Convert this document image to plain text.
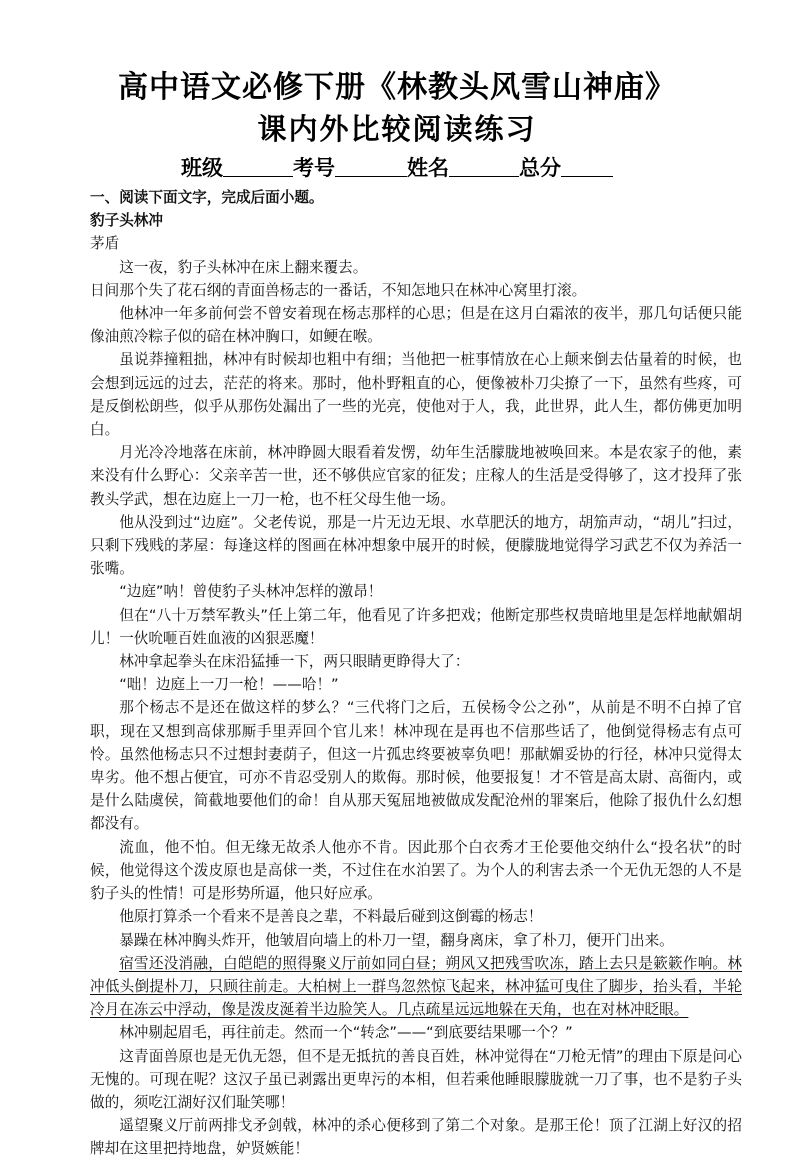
高中语文必修下册《林教头风雪山神庙》
课内外比较阅读练习
班级	考号	姓名	总分

一、阅读下面文字，完成后面小题。

豹子头林冲

茅盾

这一夜，豹子头林冲在床上翻来覆去。

日间那个失了花石纲的青面兽杨志的一番话，不知怎地只在林冲心窝里打滚。

他林冲一年多前何尝不曾安着现在杨志那样的心思；但是在这月白霜浓的夜半，那几句话便只能像油煎冷粽子似的碚在林冲胸口，如鲠在喉。

虽说莽撞粗拙，林冲有时候却也粗中有细；当他把一桩事情放在心上颠来倒去估量着的时候，也会想到远远的过去，茫茫的将来。那时，他朴野粗直的心，便像被朴刀尖撩了一下，虽然有些疼，可是反倒松朗些，似乎从那伤处漏出了一些的光亮，使他对于人，我，此世界，此人生，都仿佛更加明白。

月光冷冷地落在床前，林冲睁圆大眼看着发愣，幼年生活朦胧地被唤回来。本是农家子的他，素来没有什么野心：父亲辛苦一世，还不够供应官家的征发；庄稼人的生活是受得够了，这才投拜了张教头学武，想在边庭上一刀一枪，也不枉父母生他一场。

他从没到过“边庭”。父老传说，那是一片无边无垠、水草肥沃的地方，胡笳声动，“胡儿”扫过，只剩下残贱的茅屋：每逢这样的图画在林冲想象中展开的时候，便朦胧地觉得学习武艺不仅为养活一张嘴。

“边庭”呐！曾使豹子头林冲怎样的激昂！

但在“八十万禁军教头”任上第二年，他看见了许多把戏；他断定那些权贵暗地里是怎样地献媚胡儿！一伙吮咂百姓血液的凶狠恶魔！

林冲拿起拳头在床沿猛捶一下，两只眼睛更睁得大了：

“咄！边庭上一刀一枪！——哈！”

那个杨志不是还在做这样的梦么？“三代将门之后，五侯杨令公之孙”，从前是不明不白掉了官职，现在又想到高俅那厮手里弄回个官儿来！林冲现在是再也不信那些话了，他倒觉得杨志有点可怜。虽然他杨志只不过想封妻荫子，但这一片孤忠终要被辜负吧！那献媚妥协的行径，林冲只觉得太卑劣。他不想占便宜，可亦不肯忍受别人的欺侮。那时候，他要报复！才不管是高太尉、高衙内，或是什么陆虞侯，简截地要他们的命！自从那天冤屈地被做成发配沧州的罪案后，他除了报仇什么幻想都没有。

流血，他不怕。但无缘无故杀人他亦不肯。因此那个白衣秀才王伦要他交纳什么“投名状”的时候，他觉得这个泼皮原也是高俅一类，不过住在水泊罢了。为个人的利害去杀一个无仇无怨的人不是豹子头的性情！可是形势所逼，他只好应承。

他原打算杀一个看来不是善良之辈，不料最后碰到这倒霉的杨志！

暴躁在林冲胸头炸开，他皱眉向墙上的朴刀一望，翻身离床，拿了朴刀，便开门出来。

宿雪还没消融，白皑皑的照得聚义厅前如同白昼；朔风又把残雪吹冻，踏上去只是簌簌作响。林冲低头倒提朴刀，只顾往前走。大柏树上一群鸟忽然惊飞起来，林冲猛可曳住了脚步，抬头看，半轮冷月在冻云中浮动，像是泼皮涎着半边脸笑人。几点疏星远远地躲在天角，也在对林冲眨眼。

林冲剔起眉毛，再往前走。然而一个“转念”——“到底要结果哪一个？”

这青面兽原也是无仇无怨，但不是无抵抗的善良百姓，林冲觉得在“刀枪无情”的理由下原是问心无愧的。可现在呢？这汉子虽已剥露出更卑污的本相，但若乘他睡眼朦胧就一刀了事，也不是豹子头做的，须吃江湖好汉们耻笑哪！

遥望聚义厅前两排戈矛剑戟，林冲的杀心便移到了第二个对象。是那王伦！顶了江湖上好汉的招牌却在这里把持地盘，妒贤嫉能！
